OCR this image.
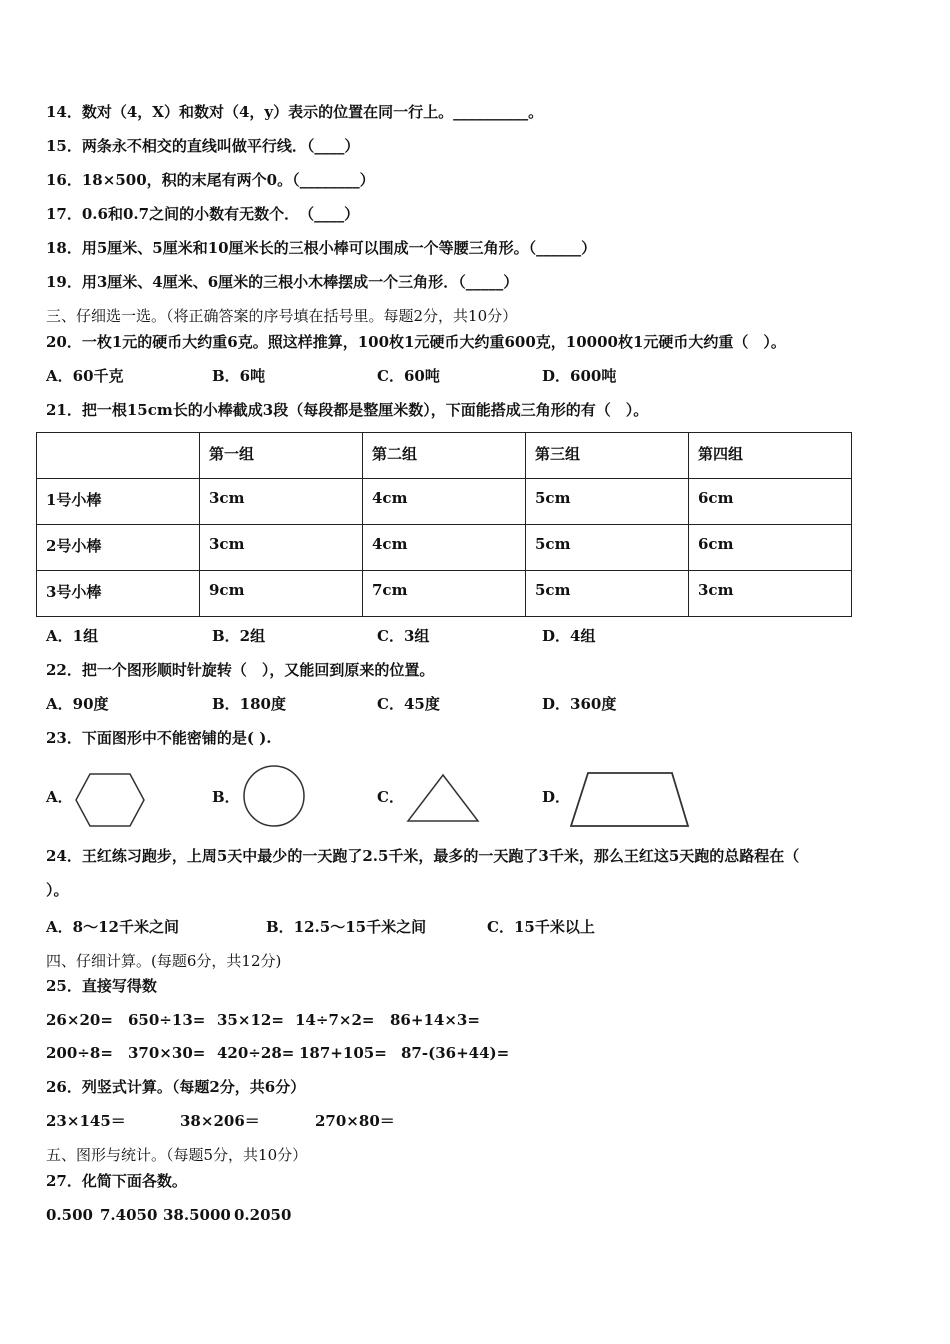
14．数对（4，X）和数对（4，y）表示的位置在同一行上。__________。
15．两条永不相交的直线叫做平行线．（____）
16．18×500，积的末尾有两个0。（________）
17．0.6和0.7之间的小数有无数个．　（____）
18．用5厘米、5厘米和10厘米长的三根小棒可以围成一个等腰三角形。（______）
19．用3厘米、4厘米、6厘米的三根小木棒摆成一个三角形．（_____）
三、仔细选一选。（将正确答案的序号填在括号里。每题2分，共10分）
20．一枚1元的硬币大约重6克。照这样推算，100枚1元硬币大约重600克，10000枚1元硬币大约重（　）。
A．60千克	B．6吨	C．60吨	D．600吨
21．把一根15cm长的小棒截成3段（每段都是整厘米数），下面能搭成三角形的有（　）。
	第一组	第二组	第三组	第四组
1号小棒	3cm	4cm	5cm	6cm
2号小棒	3cm	4cm	5cm	6cm
3号小棒	9cm	7cm	5cm	3cm
A．1组	B．2组	C．3组	D．4组
22．把一个图形顺时针旋转（　），又能回到原来的位置。
A．90度	B．180度	C．45度	D．360度
23．下面图形中不能密铺的是( ).
A．	B．	C．	D．
24．王红练习跑步，上周5天中最少的一天跑了2.5千米，最多的一天跑了3千米，那么王红这5天跑的总路程在（
）。
A．8～12千米之间	B．12.5～15千米之间	C．15千米以上
四、仔细计算。(每题6分，共12分)
25．直接写得数
26×20= 650÷13= 35×12= 14÷7×2= 86+14×3=
200÷8= 370×30= 420÷28= 187+105= 87-(36+44)=
26．列竖式计算。（每题2分，共6分）
23×145＝	38×206＝	270×80＝
五、图形与统计。（每题5分，共10分）
27．化简下面各数。
0.500 7.4050 38.5000 0.2050
